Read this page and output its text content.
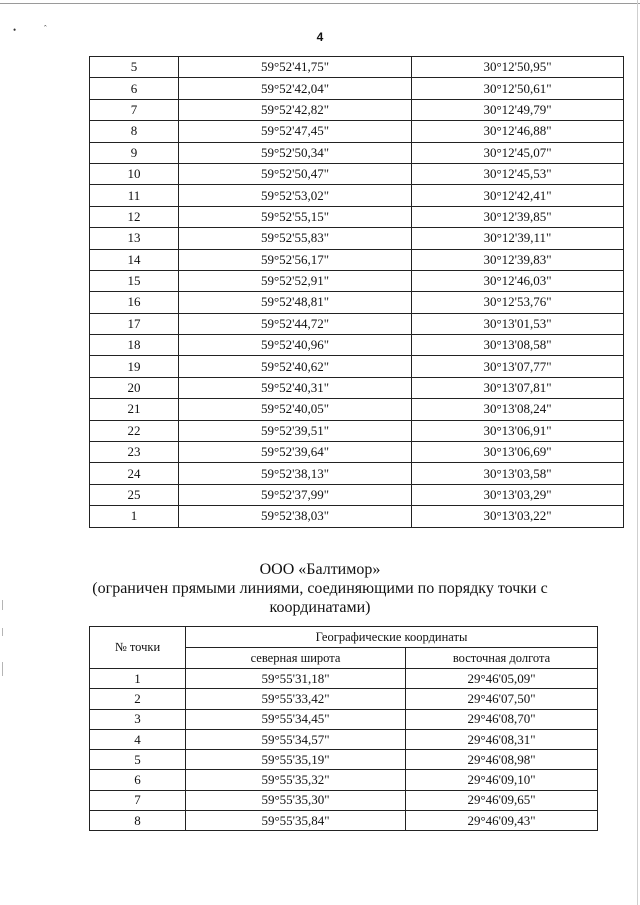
•	ˆ
4
5	59°52'41,75"	30°12'50,95"
6	59°52'42,04"	30°12'50,61"
7	59°52'42,82"	30°12'49,79"
8	59°52'47,45"	30°12'46,88"
9	59°52'50,34"	30°12'45,07"
10	59°52'50,47"	30°12'45,53"
11	59°52'53,02"	30°12'42,41"
12	59°52'55,15"	30°12'39,85"
13	59°52'55,83"	30°12'39,11"
14	59°52'56,17"	30°12'39,83"
15	59°52'52,91"	30°12'46,03"
16	59°52'48,81"	30°12'53,76"
17	59°52'44,72"	30°13'01,53"
18	59°52'40,96"	30°13'08,58"
19	59°52'40,62"	30°13'07,77"
20	59°52'40,31"	30°13'07,81"
21	59°52'40,05"	30°13'08,24"
22	59°52'39,51"	30°13'06,91"
23	59°52'39,64"	30°13'06,69"
24	59°52'38,13"	30°13'03,58"
25	59°52'37,99"	30°13'03,29"
1	59°52'38,03"	30°13'03,22"
ООО «Балтимор»
(ограничен прямыми линиями, соединяющими по порядку точки с
координатами)
№ точки	Географические координаты	
	северная широта	восточная долгота
1	59°55'31,18"	29°46'05,09"
2	59°55'33,42"	29°46'07,50"
3	59°55'34,45"	29°46'08,70"
4	59°55'34,57"	29°46'08,31"
5	59°55'35,19"	29°46'08,98"
6	59°55'35,32"	29°46'09,10"
7	59°55'35,30"	29°46'09,65"
8	59°55'35,84"	29°46'09,43"
